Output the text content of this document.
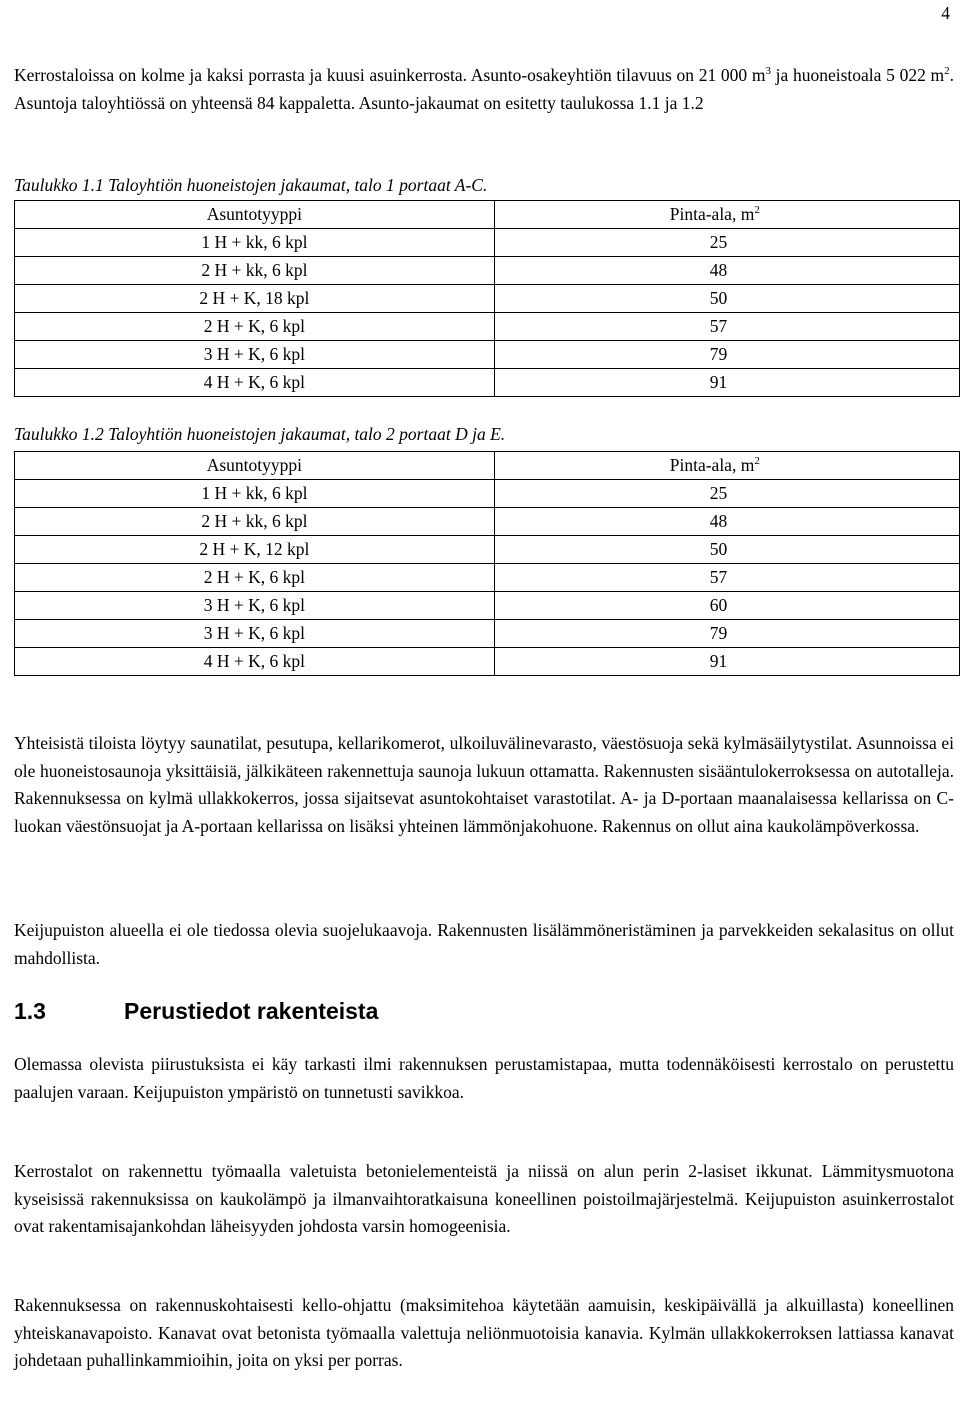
4

Kerrostaloissa on kolme ja kaksi porrasta ja kuusi asuinkerrosta. Asunto-osakeyhtiön tilavuus on 21 000 $m^3$ ja huoneistoala 5 022 $m^2$. Asuntoja taloyhtiössä on yhteensä 84 kappaletta. Asunto-jakaumat on esitetty taulukossa 1.1 ja 1.2

Taulukko 1.1 Taloyhtiön huoneistojen jakaumat, talo 1 portaat A-C.

Asuntotyyppi	Pinta-ala, $m^2$
1 H + kk, 6 kpl	25
2 H + kk, 6 kpl	48
2 H + K, 18 kpl	50
2 H + K, 6 kpl	57
3 H + K, 6 kpl	79
4 H + K, 6 kpl	91

Taulukko 1.2 Taloyhtiön huoneistojen jakaumat, talo 2 portaat D ja E.

Asuntotyyppi	Pinta-ala, $m^2$
1 H + kk, 6 kpl	25
2 H + kk, 6 kpl	48
2 H + K, 12 kpl	50
2 H + K, 6 kpl	57
3 H + K, 6 kpl	60
3 H + K, 6 kpl	79
4 H + K, 6 kpl	91

Yhteisistä tiloista löytyy saunatilat, pesutupa, kellarikomerot, ulkoiluvälinevarasto, väestösuoja sekä kylmäsäilytystilat. Asunnoissa ei ole huoneistosaunoja yksittäisiä, jälkikäteen rakennettuja saunoja lukuun ottamatta. Rakennusten sisääntulokerroksessa on autotalleja. Rakennuksessa on kylmä ullakkokerros, jossa sijaitsevat asuntokohtaiset varastotilat. A- ja D-portaan maanalaisessa kellarissa on C-luokan väestönsuojat ja A-portaan kellarissa on lisäksi yhteinen lämmönjakohuone. Rakennus on ollut aina kaukolämpöverkossa.

Keijupuiston alueella ei ole tiedossa olevia suojelukaavoja. Rakennusten lisälämmöneristäminen ja parvekkeiden sekalasitus on ollut mahdollista.

1.3	Perustiedot rakenteista

Olemassa olevista piirustuksista ei käy tarkasti ilmi rakennuksen perustamistapaa, mutta todennäköisesti kerrostalo on perustettu paalujen varaan. Keijupuiston ympäristö on tunnetusti savikkoa.

Kerrostalot on rakennettu työmaalla valetuista betonielementeistä ja niissä on alun perin 2-lasiset ikkunat. Lämmitysmuotona kyseisissä rakennuksissa on kaukolämpö ja ilmanvaihtoratkaisuna koneellinen poistoilmajärjestelmä. Keijupuiston asuinkerrostalot ovat rakentamisajankohdan läheisyyden johdosta varsin homogeenisia.

Rakennuksessa on rakennuskohtaisesti kello-ohjattu (maksimitehoa käytetään aamuisin, keskipäivällä ja alkuillasta) koneellinen yhteiskanavapoisto. Kanavat ovat betonista työmaalla valettuja neliönmuotoisia kanavia. Kylmän ullakkokerroksen lattiassa kanavat johdetaan puhallinkammioihin, joita on yksi per porras.
